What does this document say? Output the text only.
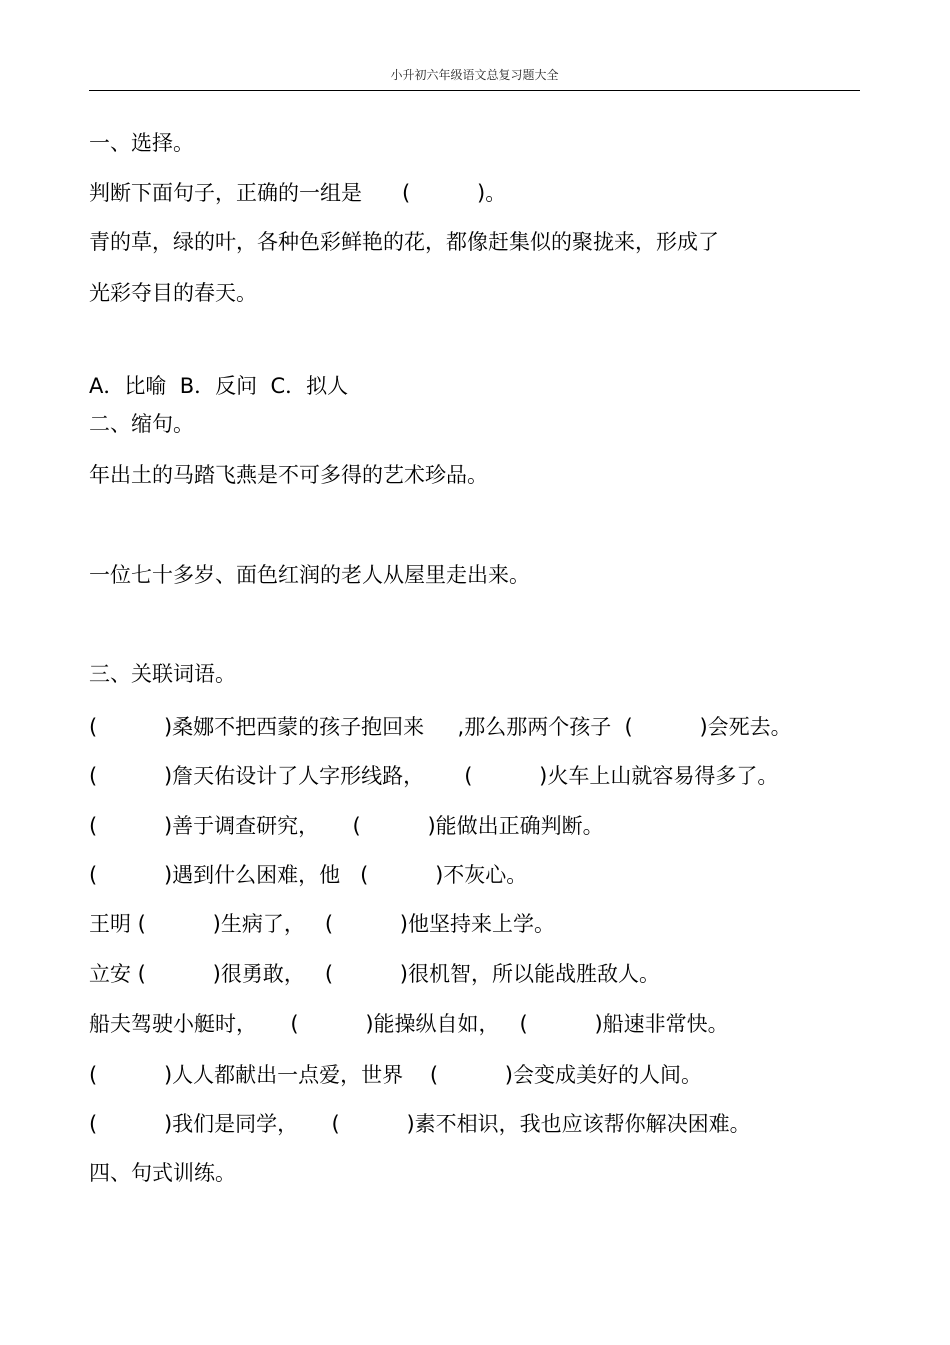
小升初六年级语文总复习题大全
一、选择。
判断下面句子，正确的一组是      (          )。
青的草，绿的叶，各种色彩鲜艳的花，都像赶集似的聚拢来，形成了
光彩夺目的春天。
A．比喻  B．反问  C．拟人
二、缩句。
年出土的马踏飞燕是不可多得的艺术珍品。
一位七十多岁、面色红润的老人从屋里走出来。
三、关联词语。
(          )桑娜不把西蒙的孩子抱回来     ,那么那两个孩子  (          )会死去。
(          )詹天佑设计了人字形线路，      (          )火车上山就容易得多了。
(          )善于调查研究，     (          )能做出正确判断。
(          )遇到什么困难，他   (          )不灰心。
王明 (          )生病了，   (          )他坚持来上学。
立安 (          )很勇敢，   (          )很机智，所以能战胜敌人。
船夫驾驶小艇时，     (          )能操纵自如，   (          )船速非常快。
(          )人人都献出一点爱，世界    (          )会变成美好的人间。
(          )我们是同学，     (          )素不相识，我也应该帮你解决困难。
四、句式训练。
